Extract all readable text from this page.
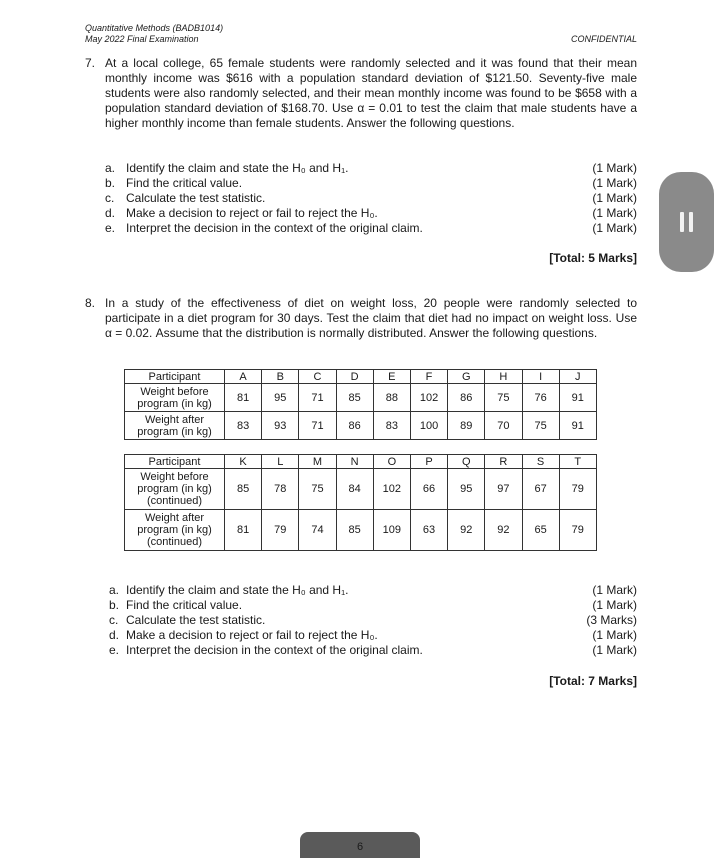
Quantitative Methods (BADB1014)
May 2022 Final Examination	CONFIDENTIAL
7. At a local college, 65 female students were randomly selected and it was found that their mean monthly income was $616 with a population standard deviation of $121.50. Seventy-five male students were also randomly selected, and their mean monthly income was found to be $658 with a population standard deviation of $168.70. Use α = 0.01 to test the claim that male students have a higher monthly income than female students. Answer the following questions.
a. Identify the claim and state the H₀ and H₁.	(1 Mark)
b. Find the critical value.	(1 Mark)
c. Calculate the test statistic.	(1 Mark)
d. Make a decision to reject or fail to reject the H₀.	(1 Mark)
e. Interpret the decision in the context of the original claim.	(1 Mark)
[Total: 5 Marks]
8. In a study of the effectiveness of diet on weight loss, 20 people were randomly selected to participate in a diet program for 30 days. Test the claim that diet had no impact on weight loss. Use α = 0.02. Assume that the distribution is normally distributed. Answer the following questions.
Participant	A	B	C	D	E	F	G	H	I	J
Weight before program (in kg)	81	95	71	85	88	102	86	75	76	91
Weight after program (in kg)	83	93	71	86	83	100	89	70	75	91
Participant	K	L	M	N	O	P	Q	R	S	T
Weight before program (in kg) (continued)	85	78	75	84	102	66	95	97	67	79
Weight after program (in kg) (continued)	81	79	74	85	109	63	92	92	65	79
a. Identify the claim and state the H₀ and H₁.	(1 Mark)
b. Find the critical value.	(1 Mark)
c. Calculate the test statistic.	(3 Marks)
d. Make a decision to reject or fail to reject the H₀.	(1 Mark)
e. Interpret the decision in the context of the original claim.	(1 Mark)
[Total: 7 Marks]
6
